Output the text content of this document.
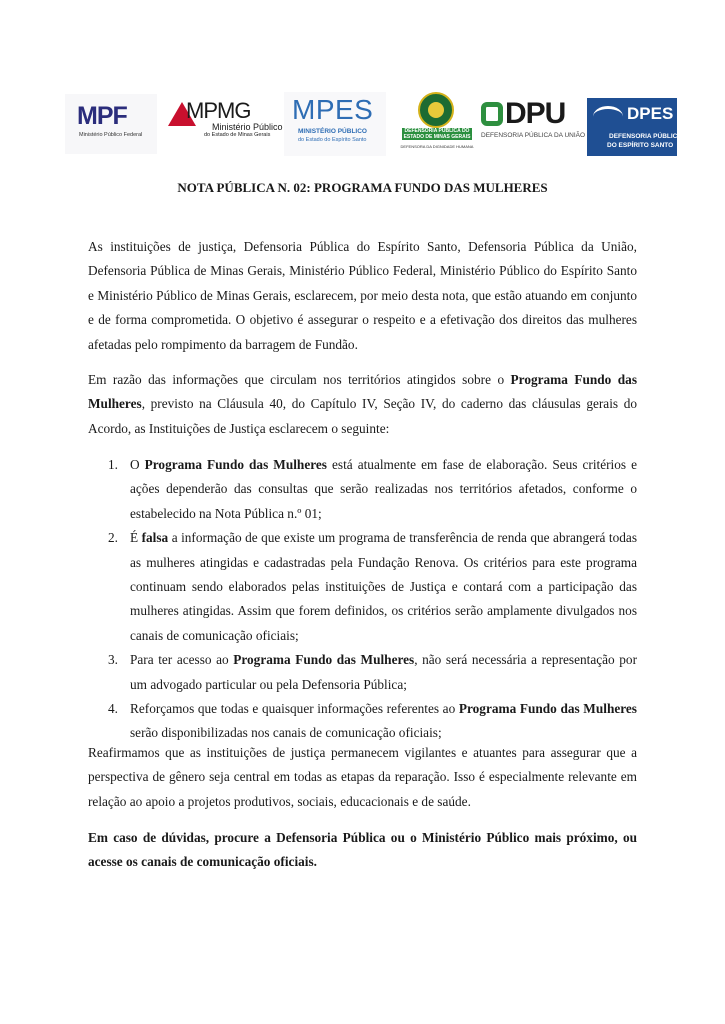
MPF
Ministério Público Federal
MPMG
Ministério Público
do Estado de Minas Gerais
MPES
MINISTÉRIO PÚBLICO
do Estado do Espírito Santo
DEFENSORIA PÚBLICA DO ESTADO DE MINAS GERAIS
DEFENSORA DA DIGNIDADE HUMANA
DPU
DEFENSORIA PÚBLICA DA UNIÃO
DPES
DEFENSORIA PÚBLICA
DO ESPÍRITO SANTO
NOTA PÚBLICA N. 02: PROGRAMA FUNDO DAS MULHERES

As instituições de justiça, Defensoria Pública do Espírito Santo, Defensoria Pública da União, Defensoria Pública de Minas Gerais, Ministério Público Federal, Ministério Público do Espírito Santo e Ministério Público de Minas Gerais, esclarecem, por meio desta nota, que estão atuando em conjunto e de forma comprometida. O objetivo é assegurar o respeito e a efetivação dos direitos das mulheres afetadas pelo rompimento da barragem de Fundão.

Em razão das informações que circulam nos territórios atingidos sobre o Programa Fundo das Mulheres, previsto na Cláusula 40, do Capítulo IV, Seção IV, do caderno das cláusulas gerais do Acordo, as Instituições de Justiça esclarecem o seguinte:

1. O Programa Fundo das Mulheres está atualmente em fase de elaboração. Seus critérios e ações dependerão das consultas que serão realizadas nos territórios afetados, conforme o estabelecido na Nota Pública n.º 01;
2. É falsa a informação de que existe um programa de transferência de renda que abrangerá todas as mulheres atingidas e cadastradas pela Fundação Renova. Os critérios para este programa continuam sendo elaborados pelas instituições de Justiça e contará com a participação das mulheres atingidas. Assim que forem definidos, os critérios serão amplamente divulgados nos canais de comunicação oficiais;
3. Para ter acesso ao Programa Fundo das Mulheres, não será necessária a representação por um advogado particular ou pela Defensoria Pública;
4. Reforçamos que todas e quaisquer informações referentes ao Programa Fundo das Mulheres serão disponibilizadas nos canais de comunicação oficiais;

Reafirmamos que as instituições de justiça permanecem vigilantes e atuantes para assegurar que a perspectiva de gênero seja central em todas as etapas da reparação. Isso é especialmente relevante em relação ao apoio a projetos produtivos, sociais, educacionais e de saúde.

Em caso de dúvidas, procure a Defensoria Pública ou o Ministério Público mais próximo, ou acesse os canais de comunicação oficiais.
